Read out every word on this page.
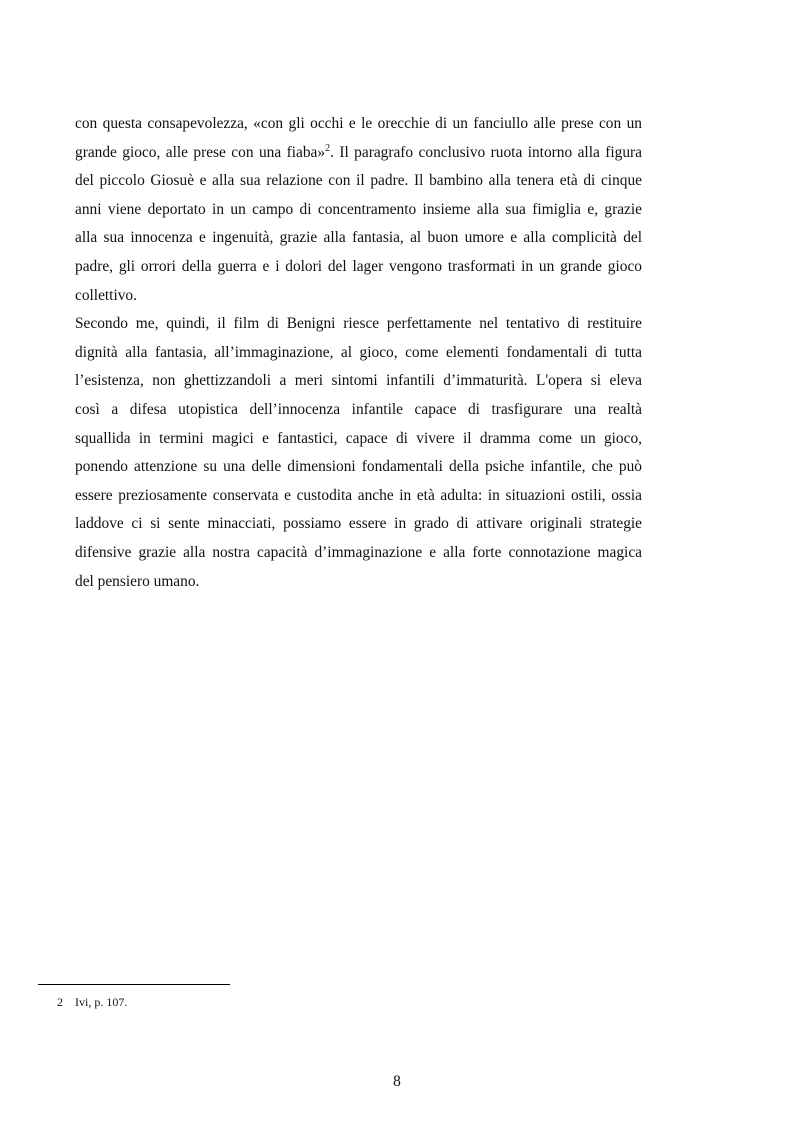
con questa consapevolezza, «con gli occhi e le orecchie di un fanciullo alle prese con un
grande gioco, alle prese con una fiaba»$^2$. Il paragrafo conclusivo ruota intorno alla figura
del piccolo Giosuè e alla sua relazione con il padre. Il bambino alla tenera età di cinque
anni viene deportato in un campo di concentramento insieme alla sua fimiglia e, grazie
alla sua innocenza e ingenuità, grazie alla fantasia, al buon umore e alla complicità del
padre, gli orrori della guerra e i dolori del lager vengono trasformati in un grande gioco
collettivo.
Secondo me, quindi, il film di Benigni riesce perfettamente nel tentativo di restituire
dignità alla fantasia, all’immaginazione, al gioco, come elementi fondamentali di tutta
l’esistenza, non ghettizzandoli a meri sintomi infantili d’immaturità. L'opera si eleva
così a difesa utopistica dell’innocenza infantile capace di trasfigurare una realtà
squallida in termini magici e fantastici, capace di vivere il dramma come un gioco,
ponendo attenzione su una delle dimensioni fondamentali della psiche infantile, che può
essere preziosamente conservata e custodita anche in età adulta: in situazioni ostili, ossia
laddove ci si sente minacciati, possiamo essere in grado di attivare originali strategie
difensive grazie alla nostra capacità d’immaginazione e alla forte connotazione magica
del pensiero umano.
2 Ivi, p. 107.
8
